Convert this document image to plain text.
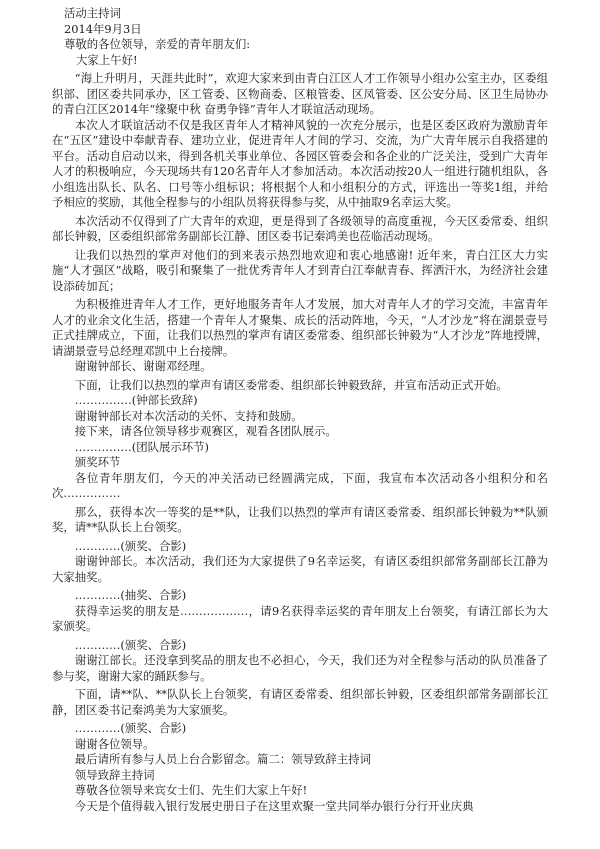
活动主持词

2014年9月3日

尊敬的各位领导，亲爱的青年朋友们:

大家上午好!

“海上升明月，天涯共此时”，欢迎大家来到由青白江区人才工作领导小组办公室主办，区委组织部、团区委共同承办，区工管委、区物商委、区粮管委、区凤管委、区公安分局、区卫生局协办的青白江区2014年“缘聚中秋 奋勇争锋”青年人才联谊活动现场。

本次人才联谊活动不仅是我区青年人才精神风貌的一次充分展示，也是区委区政府为激励青年在“五区”建设中奉献青春、建功立业，促进青年人才间的学习、交流，为广大青年展示自我搭建的平台。活动自启动以来，得到各机关事业单位、各园区管委会和各企业的广泛关注，受到广大青年人才的积极响应，今天现场共有120名青年人才参加活动。本次活动按20人一组进行随机组队，各小组选出队长、队名、口号等小组标识；将根据个人和小组积分的方式，评选出一等奖1组，并给予相应的奖励，其他全程参与的小组队员将获得参与奖，从中抽取9名幸运大奖。

本次活动不仅得到了广大青年的欢迎，更是得到了各级领导的高度重视，今天区委常委、组织部长钟毅，区委组织部常务副部长江静、团区委书记秦鸿美也莅临活动现场。

让我们以热烈的掌声对他们的到来表示热烈地欢迎和衷心地感谢! 近年来，青白江区大力实施“人才强区”战略，吸引和聚集了一批优秀青年人才到青白江奉献青春、挥洒汗水，为经济社会建设添砖加瓦；

为积极推进青年人才工作，更好地服务青年人才发展，加大对青年人才的学习交流，丰富青年人才的业余文化生活，搭建一个青年人才聚集、成长的活动阵地，今天，“人才沙龙”将在湖景壹号正式挂牌成立，下面，让我们以热烈的掌声有请区委常委、组织部长钟毅为“人才沙龙”阵地授牌，请湖景壹号总经理邓凯中上台接牌。

谢谢钟部长、谢谢邓经理。

下面，让我们以热烈的掌声有请区委常委、组织部长钟毅致辞，并宣布活动正式开始。

……………(钟部长致辞)

谢谢钟部长对本次活动的关怀、支持和鼓励。

接下来，请各位领导移步观赛区，观看各团队展示。

……………(团队展示环节)

颁奖环节

各位青年朋友们，今天的冲关活动已经圆满完成，下面，我宣布本次活动各小组积分和名次……………

那么，获得本次一等奖的是**队，让我们以热烈的掌声有请区委常委、组织部长钟毅为**队颁奖，请**队队长上台领奖。

…………(颁奖、合影)

谢谢钟部长。本次活动，我们还为大家提供了9名幸运奖，有请区委组织部常务副部长江静为大家抽奖。

…………(抽奖、合影)

获得幸运奖的朋友是………………，请9名获得幸运奖的青年朋友上台领奖，有请江部长为大家颁奖。

…………(颁奖、合影)

谢谢江部长。还没拿到奖品的朋友也不必担心，今天，我们还为对全程参与活动的队员准备了参与奖，谢谢大家的踊跃参与。

下面，请**队、**队队长上台领奖，有请区委常委、组织部长钟毅，区委组织部常务副部长江静，团区委书记秦鸿美为大家颁奖。

…………(颁奖、合影)

谢谢各位领导。

最后请所有参与人员上台合影留念。篇二：领导致辞主持词

领导致辞主持词

尊敬各位领导来宾女士们、先生们大家上午好!

今天是个值得载入银行发展史册日子在这里欢聚一堂共同举办银行分行开业庆典
